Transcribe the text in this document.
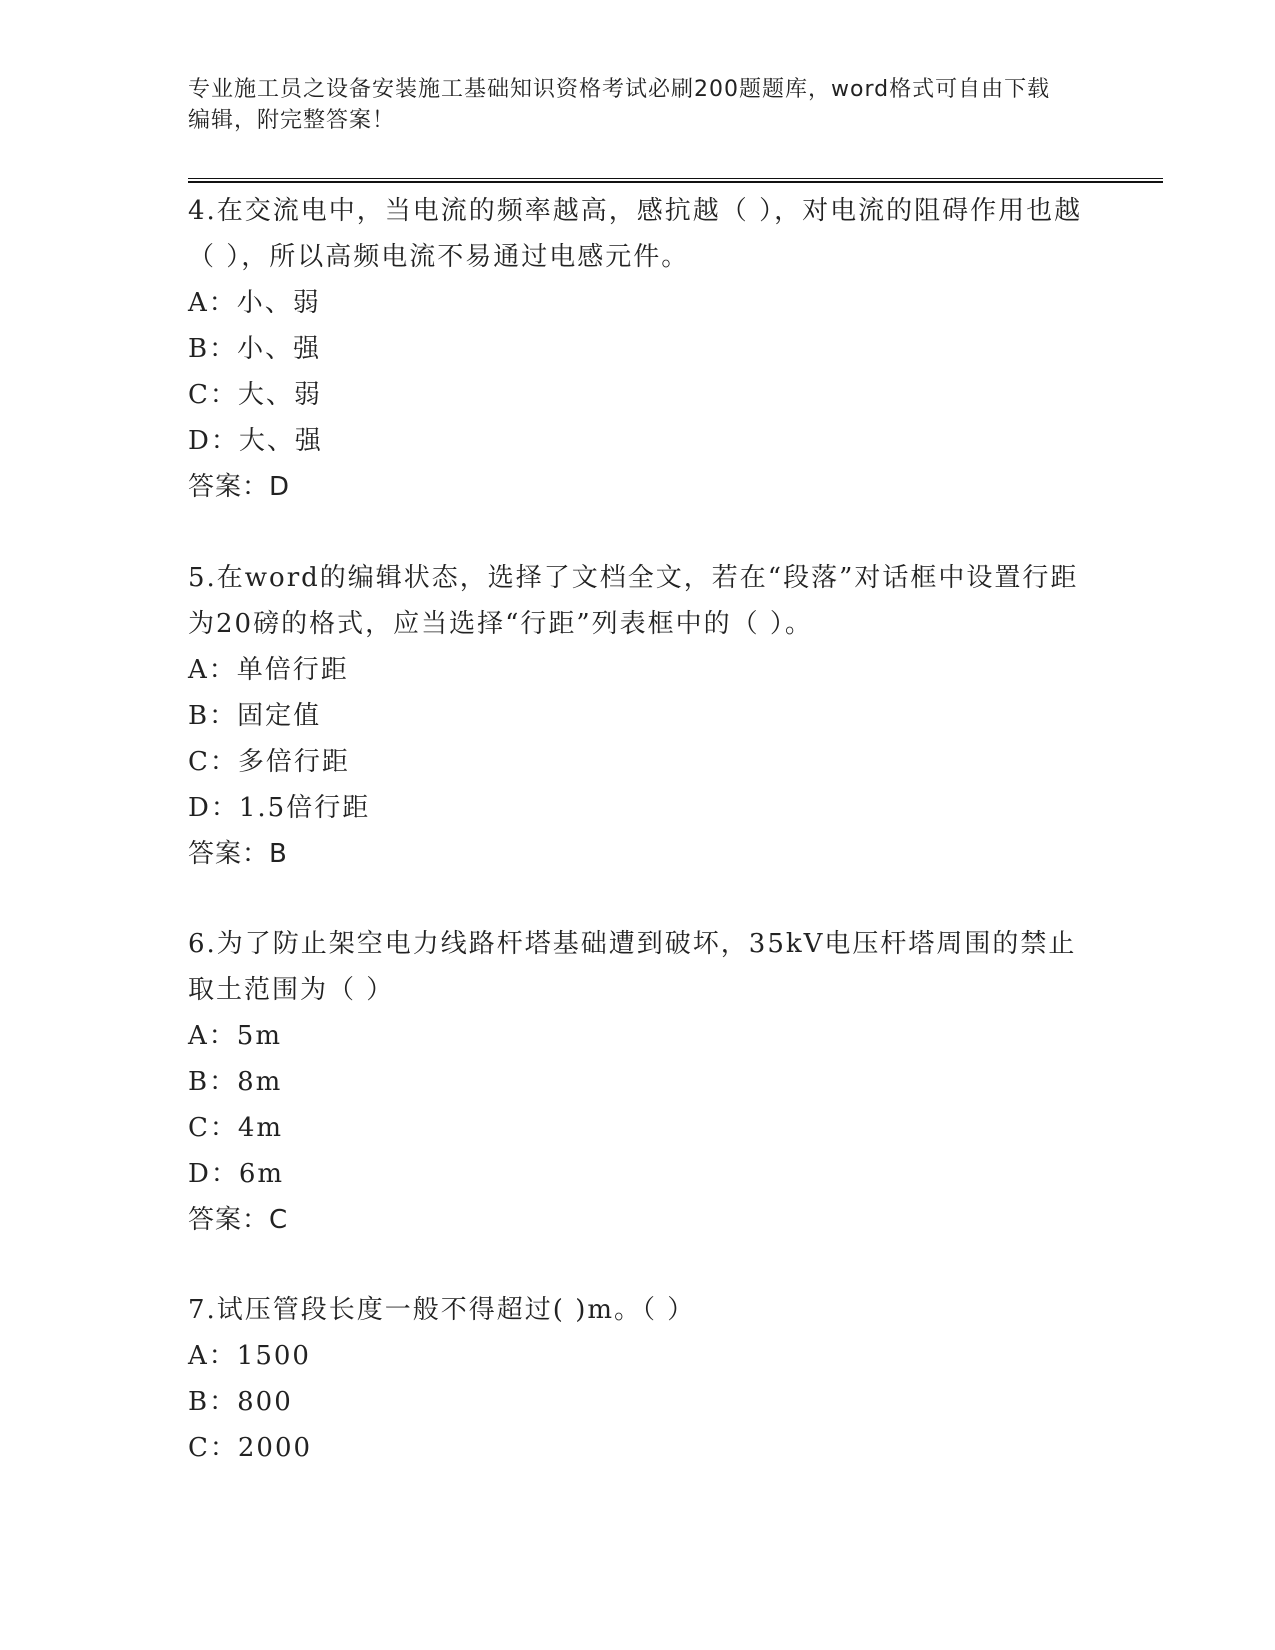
专业施工员之设备安装施工基础知识资格考试必刷200题题库，word格式可自由下载编辑，附完整答案！

4.在交流电中，当电流的频率越高，感抗越（ ），对电流的阻碍作用也越（ ），所以高频电流不易通过电感元件。

A：小、弱

B：小、强

C：大、弱

D：大、强

答案：D

5.在word的编辑状态，选择了文档全文，若在“段落”对话框中设置行距为20磅的格式，应当选择“行距”列表框中的（ ）。

A：单倍行距

B：固定值

C：多倍行距

D：1.5倍行距

答案：B

6.为了防止架空电力线路杆塔基础遭到破坏，35kV电压杆塔周围的禁止取土范围为（ ）

A：5m

B：8m

C：4m

D：6m

答案：C

7.试压管段长度一般不得超过( )m。（ ）

A：1500

B：800

C：2000
